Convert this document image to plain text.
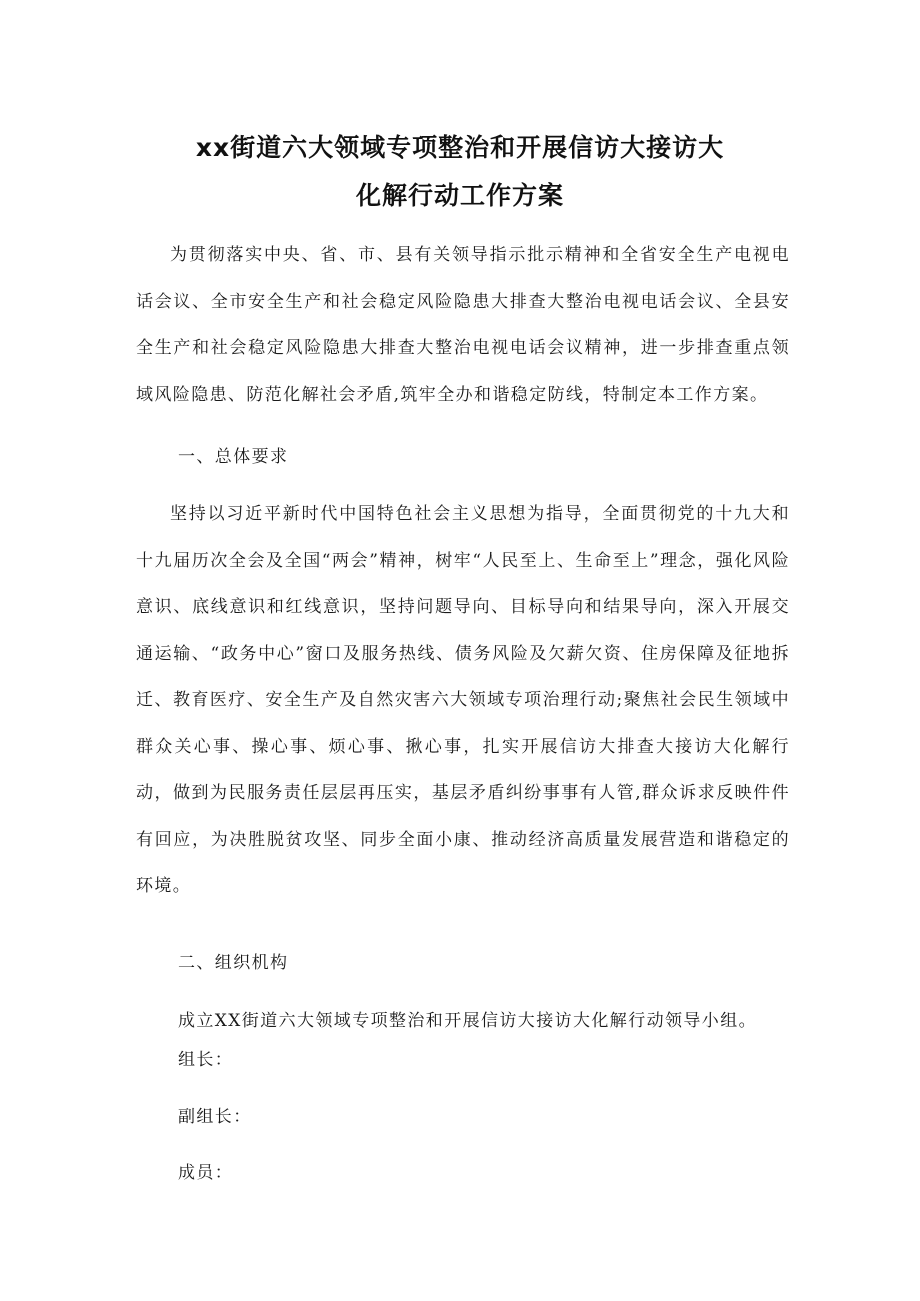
xx街道六大领域专项整治和开展信访大接访大
化解行动工作方案

为贯彻落实中央、省、市、县有关领导指示批示精神和全省安全生产电视电话会议、全市安全生产和社会稳定风险隐患大排查大整治电视电话会议、全县安全生产和社会稳定风险隐患大排查大整治电视电话会议精神，进一步排查重点领域风险隐患、防范化解社会矛盾,筑牢全办和谐稳定防线，特制定本工作方案。

一、总体要求

坚持以习近平新时代中国特色社会主义思想为指导，全面贯彻党的十九大和十九届历次全会及全国“两会”精神，树牢“人民至上、生命至上”理念，强化风险意识、底线意识和红线意识，坚持问题导向、目标导向和结果导向，深入开展交通运输、“政务中心”窗口及服务热线、债务风险及欠薪欠资、住房保障及征地拆迁、教育医疗、安全生产及自然灾害六大领域专项治理行动;聚焦社会民生领域中群众关心事、操心事、烦心事、揪心事，扎实开展信访大排查大接访大化解行动，做到为民服务责任层层再压实，基层矛盾纠纷事事有人管,群众诉求反映件件有回应，为决胜脱贫攻坚、同步全面小康、推动经济高质量发展营造和谐稳定的环境。

二、组织机构

成立XX街道六大领域专项整治和开展信访大接访大化解行动领导小组。

组长：

副组长：

成员：
